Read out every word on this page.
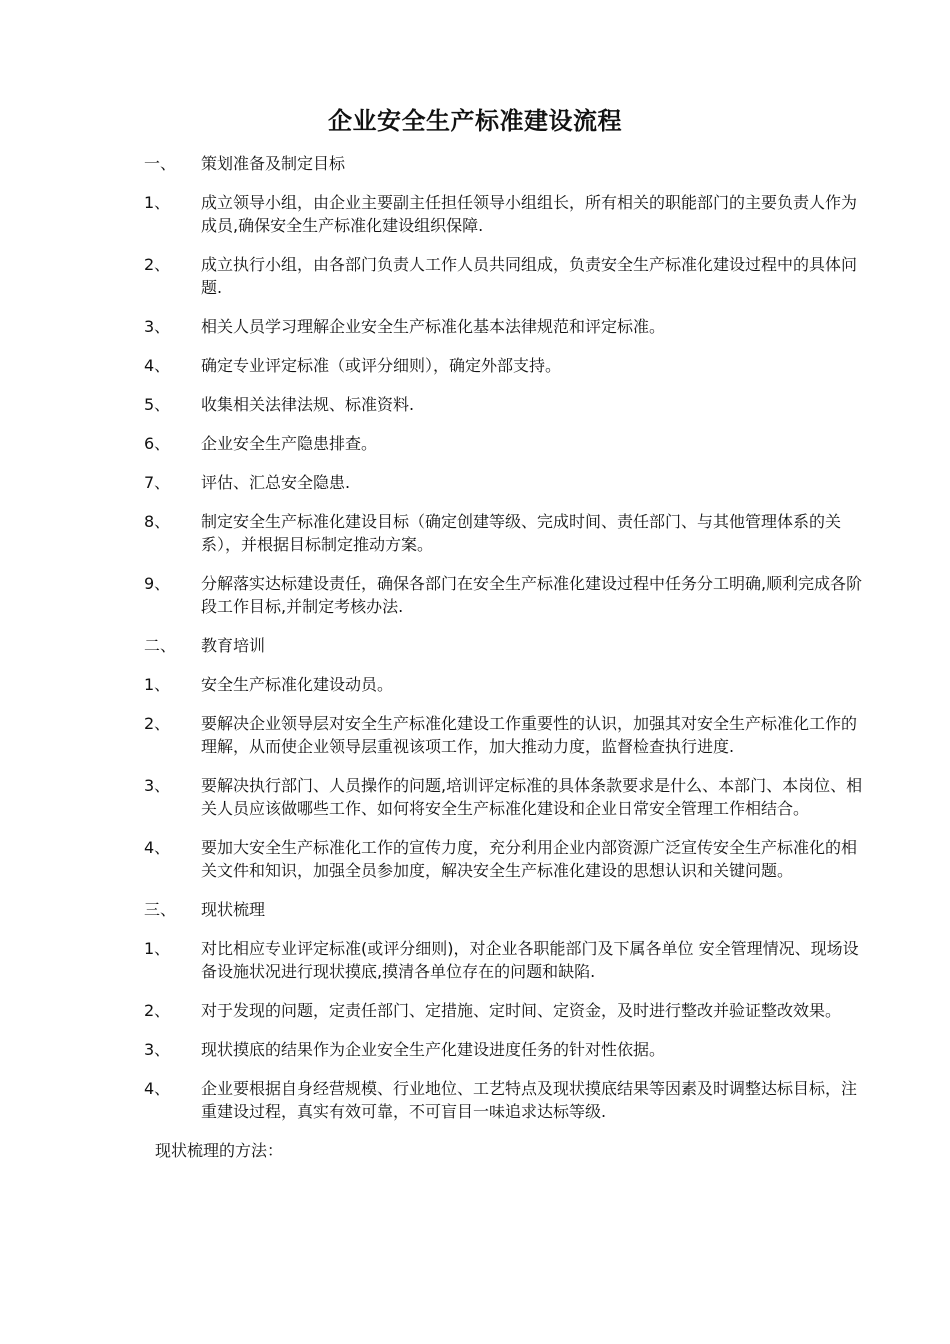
企业安全生产标准建设流程
一、 策划准备及制定目标
1、 成立领导小组，由企业主要副主任担任领导小组组长，所有相关的职能部门的主要负责人作为成员,确保安全生产标准化建设组织保障.
2、 成立执行小组，由各部门负责人工作人员共同组成，负责安全生产标准化建设过程中的具体问题.
3、 相关人员学习理解企业安全生产标准化基本法律规范和评定标准。
4、 确定专业评定标准（或评分细则），确定外部支持。
5、 收集相关法律法规、标准资料.
6、 企业安全生产隐患排查。
7、 评估、汇总安全隐患.
8、 制定安全生产标准化建设目标（确定创建等级、完成时间、责任部门、与其他管理体系的关系），并根据目标制定推动方案。
9、 分解落实达标建设责任，确保各部门在安全生产标准化建设过程中任务分工明确,顺利完成各阶段工作目标,并制定考核办法.
二、 教育培训
1、 安全生产标准化建设动员。
2、 要解决企业领导层对安全生产标准化建设工作重要性的认识，加强其对安全生产标准化工作的理解，从而使企业领导层重视该项工作，加大推动力度，监督检查执行进度.
3、 要解决执行部门、人员操作的问题,培训评定标准的具体条款要求是什么、本部门、本岗位、相关人员应该做哪些工作、如何将安全生产标准化建设和企业日常安全管理工作相结合。
4、 要加大安全生产标准化工作的宣传力度，充分利用企业内部资源广泛宣传安全生产标准化的相关文件和知识，加强全员参加度，解决安全生产标准化建设的思想认识和关键问题。
三、 现状梳理
1、 对比相应专业评定标准(或评分细则)，对企业各职能部门及下属各单位 安全管理情况、现场设备设施状况进行现状摸底,摸清各单位存在的问题和缺陷.
2、 对于发现的问题，定责任部门、定措施、定时间、定资金，及时进行整改并验证整改效果。
3、 现状摸底的结果作为企业安全生产化建设进度任务的针对性依据。
4、 企业要根据自身经营规模、行业地位、工艺特点及现状摸底结果等因素及时调整达标目标，注重建设过程，真实有效可靠，不可盲目一味追求达标等级.
现状梳理的方法：
